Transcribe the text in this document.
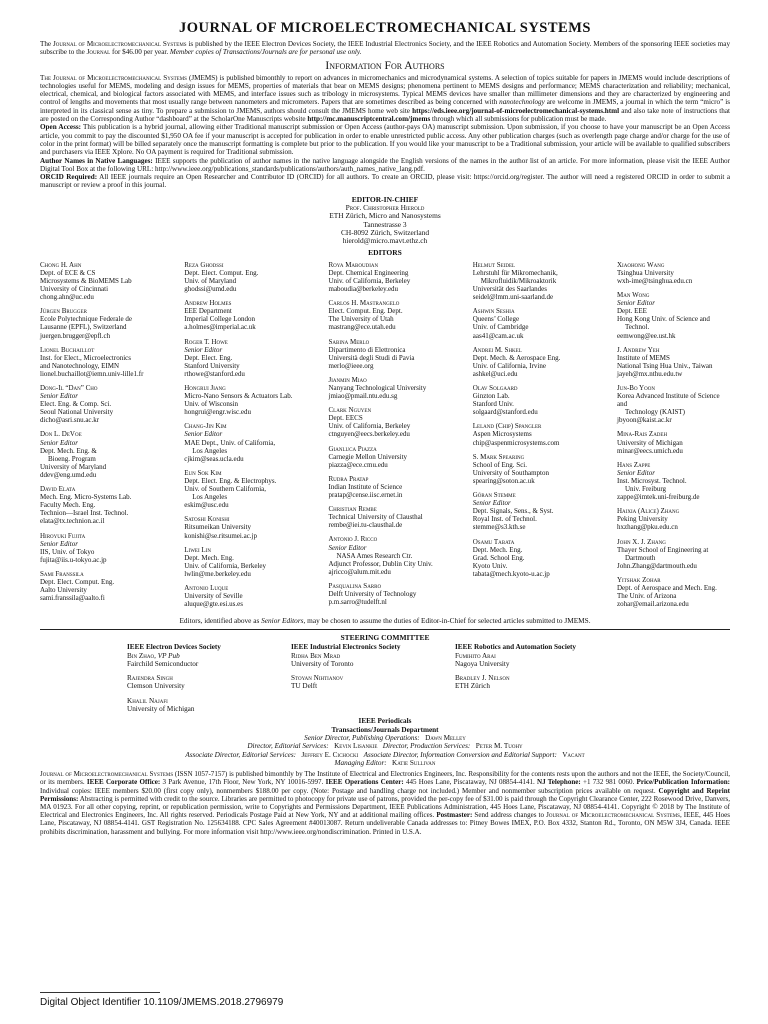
JOURNAL OF MICROELECTROMECHANICAL SYSTEMS

The Journal of Microelectromechanical Systems is published by the IEEE Electron Devices Society, the IEEE Industrial Electronics Society, and the IEEE Robotics and Automation Society. Members of the sponsoring IEEE societies may subscribe to the Journal for $46.00 per year. Member copies of Transactions/Journals are for personal use only.

Information For Authors

The Journal of Microelectromechanical Systems (JMEMS) is published bimonthly to report on advances in micromechanics and microdynamical systems. A selection of topics suitable for papers in JMEMS would include descriptions of technologies useful for MEMS, modeling and design issues for MEMS, properties of materials that bear on MEMS designs; phenomena pertinent to MEMS designs and performance; MEMS characterization and reliability; mechanical, electrical, chemical, and biological factors associated with MEMS, and interface issues such as tribology in microsystems. Typical MEMS devices have smaller than millimeter dimensions and they are characterized by engineering and control of lengths and movements that most usually range between nanometers and micrometers. Papers that are sometimes described as being concerned with nanotechnology are welcome in JMEMS, a journal in which the term “micro” is interpreted in its classical sense as tiny. To prepare a submission to JMEMS, authors should consult the JMEMS home web site https://eds.ieee.org/journal-of-microelectromechanical-systems.html and also take note of instructions that are posted on the Corresponding Author “dashboard” at the ScholarOne Manuscripts website http://mc.manuscriptcentral.com/jmems through which all submissions for publication must be made.

Open Access: This publication is a hybrid journal, allowing either Traditional manuscript submission or Open Access (author-pays OA) manuscript submission. Upon submission, if you choose to have your manuscript be an Open Access article, you commit to pay the discounted $1,950 OA fee if your manuscript is accepted for publication in order to enable unrestricted public access. Any other publication charges (such as overlength page charge and/or charge for the use of color in the print format) will be billed separately once the manuscript formatting is complete but prior to the publication. If you would like your manuscript to be a Traditional submission, your article will be available to qualified subscribers and purchasers via IEEE Xplore. No OA payment is required for Traditional submission.

Author Names in Native Languages: IEEE supports the publication of author names in the native language alongside the English versions of the names in the author list of an article. For more information, please visit the IEEE Author Digital Tool Box at the following URL: http://www.ieee.org/publications_standards/publications/authors/auth_names_native_lang.pdf.

ORCID Required: All IEEE journals require an Open Researcher and Contributor ID (ORCID) for all authors. To create an ORCID, please visit: https://orcid.org/register. The author will need a registered ORCID in order to submit a manuscript or review a proof in this journal.

EDITOR-IN-CHIEF
Prof. Christopher Hierold
ETH Zürich, Micro and Nanosystems
Tannestrasse 3
CH-8092 Zürich, Switzerland
hierold@micro.mavt.ethz.ch
EDITORS
Chong H. Ahn
Dept. of ECE & CS
Microsystems & BioMEMS Lab
University of Cincinnati
chong.ahn@uc.edu
Jürgen Brugger
Ecole Polytechnique Federale de
Lausanne (EPFL), Switzerland
juergen.brugger@epfl.ch
Lionel Buchaillot
Inst. for Elect., Microelectronics
and Nanotechnology, EIMN
lionel.buchaillot@iemn.univ-lille1.fr
Dong-Il “Dan” Cho
Senior Editor
Elect. Eng. & Comp. Sci.
Seoul National University
dicho@asri.snu.ac.kr
Don L. DeVoe
Senior Editor
Dept. Mech. Eng. &
Bioeng. Program
University of Maryland
ddev@eng.umd.edu
David Elata
Mech. Eng. Micro-Systems Lab.
Faculty Mech. Eng.
Technion—Israel Inst. Technol.
elata@tx.technion.ac.il
Hiroyuki Fujita
Senior Editor
IIS, Univ. of Tokyo
fujita@iis.u-tokyo.ac.jp
Sami Franssila
Dept. Elect. Comput. Eng.
Aalto University
sami.franssila@aalto.fi
Reza Ghodssi
Dept. Elect. Comput. Eng.
Univ. of Maryland
ghodssi@umd.edu
Andrew Holmes
EEE Department
Imperial College London
a.holmes@imperial.ac.uk
Roger T. Howe
Senior Editor
Dept. Elect. Eng.
Stanford University
rthowe@stanford.edu
Hongrui Jiang
Micro-Nano Sensors & Actuators Lab.
Univ. of Wisconsin
hongrui@engr.wisc.edu
Chang-Jin Kim
Senior Editor
MAE Dept., Univ. of California,
Los Angeles
cjkim@seas.ucla.edu
Eun Sok Kim
Dept. Elect. Eng. & Electrophys.
Univ. of Southern California,
Los Angeles
eskim@usc.edu
Satoshi Konishi
Ritsumeikan University
konishi@se.ritsumei.ac.jp
Liwei Lin
Dept. Mech. Eng.
Univ. of California, Berkeley
lwlin@me.berkeley.edu
Antonio Luque
University of Seville
aluque@gte.esi.us.es
Roya Maboudian
Dept. Chemical Engineering
Univ. of California, Berkeley
maboudia@berkeley.edu
Carlos H. Mastrangelo
Elect. Comput. Eng. Dept.
The University of Utah
mastrang@ece.utah.edu
Sabina Merlo
Dipartimento di Elettronica
Università degli Studi di Pavia
merlo@ieee.org
Jianmin Miao
Nanyang Technological University
jmiao@pmail.ntu.edu.sg
Clark Nguyen
Dept. EECS
Univ. of California, Berkeley
ctnguyen@eecs.berkeley.edu
Gianluca Piazza
Carnegie Mellon University
piazza@ece.cmu.edu
Rudra Pratap
Indian Institute of Science
pratap@cense.iisc.ernet.in
Christian Rembe
Technical University of Clausthal
rembe@iei.tu-clausthal.de
Antonio J. Ricco
Senior Editor
NASA Ames Research Ctr.
Adjunct Professor, Dublin City Univ.
ajricco@alum.mit.edu
Pasqualina Sarro
Delft University of Technology
p.m.sarro@tudelft.nl
Helmut Seidel
Lehrstuhl für Mikromechanik,
Mikrofluidik/Mikroaktorik
Universität des Saarlandes
seidel@lmm.uni-saarland.de
Ashwin Seshia
Queens’ College
Univ. of Cambridge
aas41@cam.ac.uk
Andrei M. Shkel
Dept. Mech. & Aerospace Eng.
Univ. of California, Irvine
ashkel@uci.edu
Olav Solgaard
Ginzton Lab.
Stanford Univ.
solgaard@stanford.edu
Leland (Chip) Spangler
Aspen Microsystems
chip@aspenmicrosystems.com
S. Mark Spearing
School of Eng. Sci.
University of Southampton
spearing@soton.ac.uk
Göran Stemme
Senior Editor
Dept. Signals, Sens., & Syst.
Royal Inst. of Technol.
stemme@s3.kth.se
Osamu Tabata
Dept. Mech. Eng.
Grad. School Eng.
Kyoto Univ.
tabata@mech.kyoto-u.ac.jp
Xiaohong Wang
Tsinghua University
wxh-ime@tsinghua.edu.cn
Man Wong
Senior Editor
Dept. EEE
Hong Kong Univ. of Science and
Technol.
eemwong@ee.ust.hk
J. Andrew Yeh
Institute of MEMS
National Tsing Hua Univ., Taiwan
jayeh@mx.nthu.edu.tw
Jun-Bo Yoon
Korea Advanced Institute of Science and
Technology (KAIST)
jbyoon@kaist.ac.kr
Mina-Rais Zadeh
University of Michigan
minar@eecs.umich.edu
Hans Zappe
Senior Editor
Inst. Microsyst. Technol.
Univ. Freiburg
zappe@imtek.uni-freiburg.de
Haixia (Alice) Zhang
Peking University
hxzhang@pku.edu.cn
John X. J. Zhang
Thayer School of Engineering at
Dartmouth
John.Zhang@dartmouth.edu
Yitshak Zohar
Dept. of Aerospace and Mech. Eng.
The Univ. of Arizona
zohar@email.arizona.edu
Editors, identified above as Senior Editors, may be chosen to assume the duties of Editor-in-Chief for selected articles submitted to JMEMS.
STEERING COMMITTEE
IEEE Electron Devices Society
Bin Zhao, VP Pub
Fairchild Semiconductor
Rajendra Singh
Clemson University
Khalil Najafi
University of Michigan
IEEE Industrial Electronics Society
Ridha Ben Mrad
University of Toronto
Stoyan Nihtianov
TU Delft
IEEE Robotics and Automation Society
Fumihito Arai
Nagoya University
Bradley J. Nelson
ETH Zürich
IEEE Periodicals
Transactions/Journals Department
Senior Director, Publishing Operations: Dawn Melley
Director, Editorial Services: Kevin Lisankie Director, Production Services: Peter M. Tuohy
Associate Director, Editorial Services: Jeffrey E. Cichocki Associate Director, Information Conversion and Editorial Support: Vacant
Managing Editor: Katie Sullivan

Journal of Microelectromechanical Systems (ISSN 1057-7157) is published bimonthly by The Institute of Electrical and Electronics Engineers, Inc. Responsibility for the contents rests upon the authors and not the IEEE, the Society/Council, or its members. IEEE Corporate Office: 3 Park Avenue, 17th Floor, New York, NY 10016-5997. IEEE Operations Center: 445 Hoes Lane, Piscataway, NJ 08854-4141. NJ Telephone: +1 732 981 0060. Price/Publication Information: Individual copies: IEEE members $20.00 (first copy only), nonmembers $188.00 per copy. (Note: Postage and handling charge not included.) Member and nonmember subscription prices available on request. Copyright and Reprint Permissions: Abstracting is permitted with credit to the source. Libraries are permitted to photocopy for private use of patrons, provided the per-copy fee of $31.00 is paid through the Copyright Clearance Center, 222 Rosewood Drive, Danvers, MA 01923. For all other copying, reprint, or republication permission, write to Copyrights and Permissions Department, IEEE Publications Administration, 445 Hoes Lane, Piscataway, NJ 08854-4141. Copyright © 2018 by The Institute of Electrical and Electronics Engineers, Inc. All rights reserved. Periodicals Postage Paid at New York, NY and at additional mailing offices. Postmaster: Send address changes to Journal of Microelectromechanical Systems, IEEE, 445 Hoes Lane, Piscataway, NJ 08854-4141. GST Registration No. 125634188. CPC Sales Agreement #40013087. Return undeliverable Canada addresses to: Pitney Bowes IMEX, P.O. Box 4332, Stanton Rd., Toronto, ON M5W 3J4, Canada. IEEE prohibits discrimination, harassment and bullying. For more information visit http://www.ieee.org/nondiscrimination. Printed in U.S.A.

Digital Object Identifier 10.1109/JMEMS.2018.2796979
